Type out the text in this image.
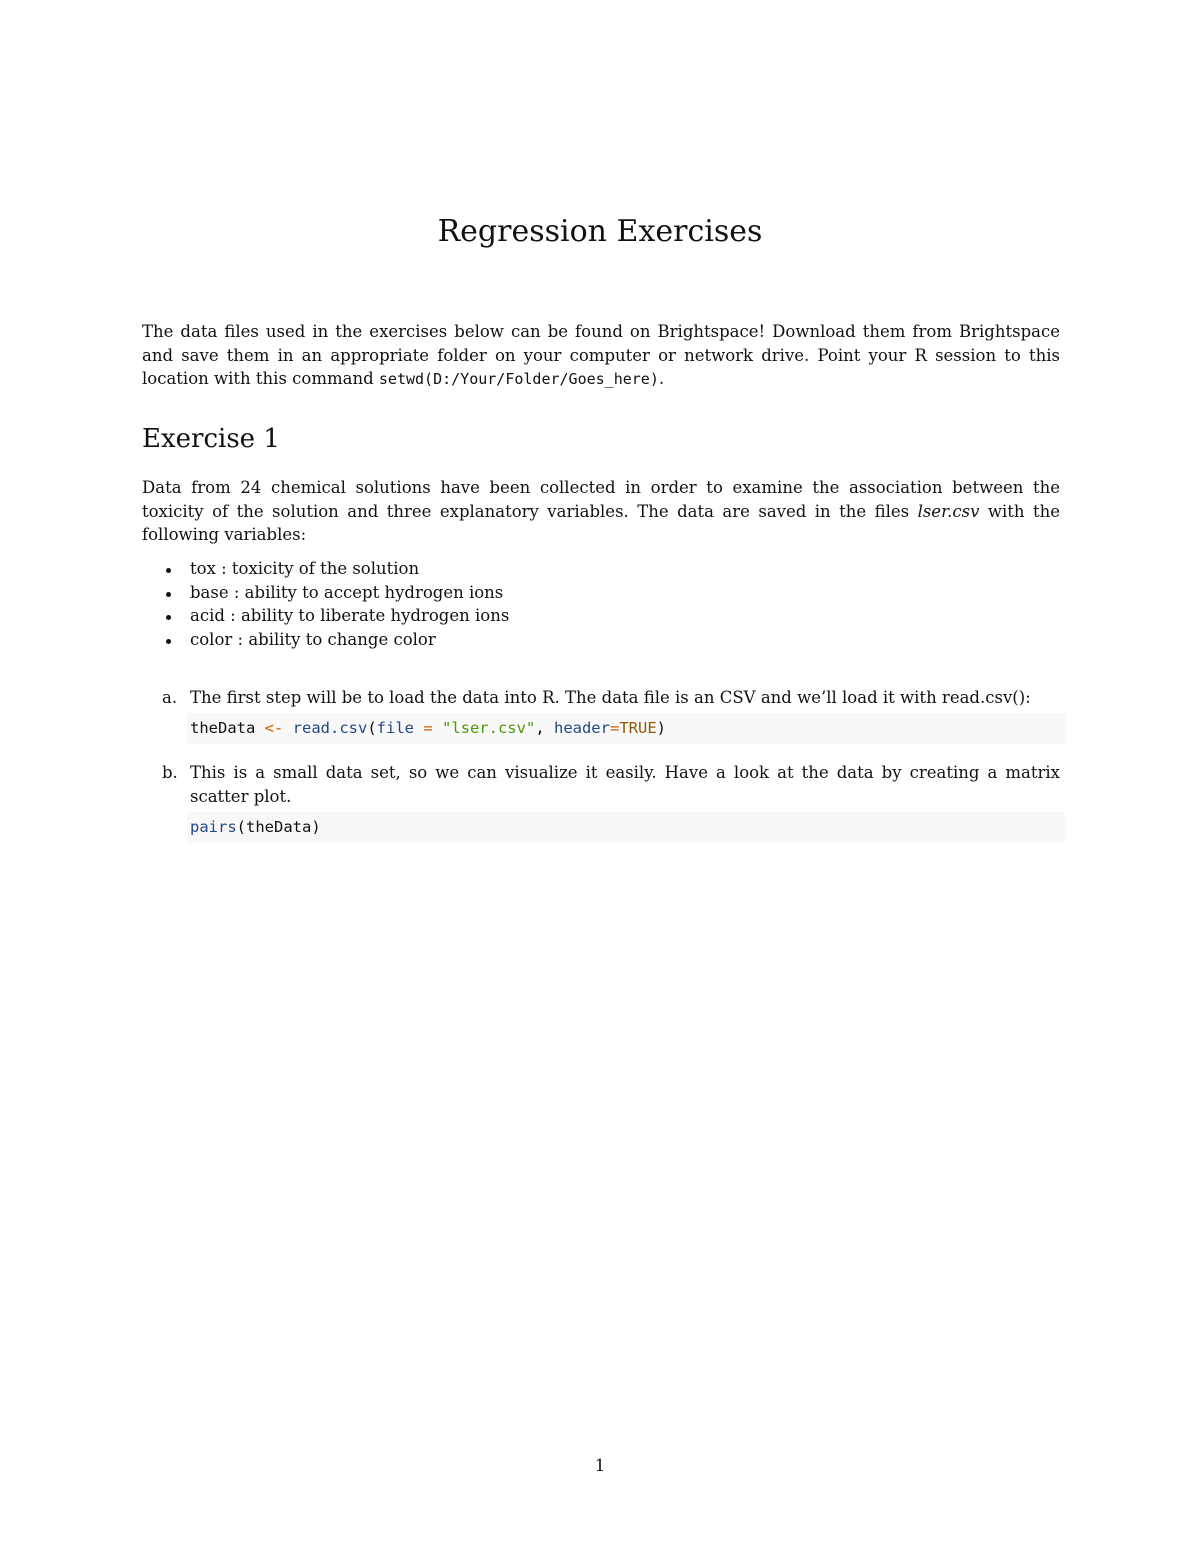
Regression Exercises

The data files used in the exercises below can be found on Brightspace! Download them from Brightspace and save them in an appropriate folder on your computer or network drive. Point your R session to this location with this command setwd(D:/Your/Folder/Goes_here).

Exercise 1

Data from 24 chemical solutions have been collected in order to examine the association between the toxicity of the solution and three explanatory variables. The data are saved in the files lser.csv with the following variables:

tox : toxicity of the solution
base : ability to accept hydrogen ions
acid : ability to liberate hydrogen ions
color : ability to change color
a. The first step will be to load the data into R. The data file is an CSV and we’ll load it with read.csv():
theData <- read.csv(file = "lser.csv", header=TRUE)
b. This is a small data set, so we can visualize it easily. Have a look at the data by creating a matrix scatter plot.
pairs(theData)
1
